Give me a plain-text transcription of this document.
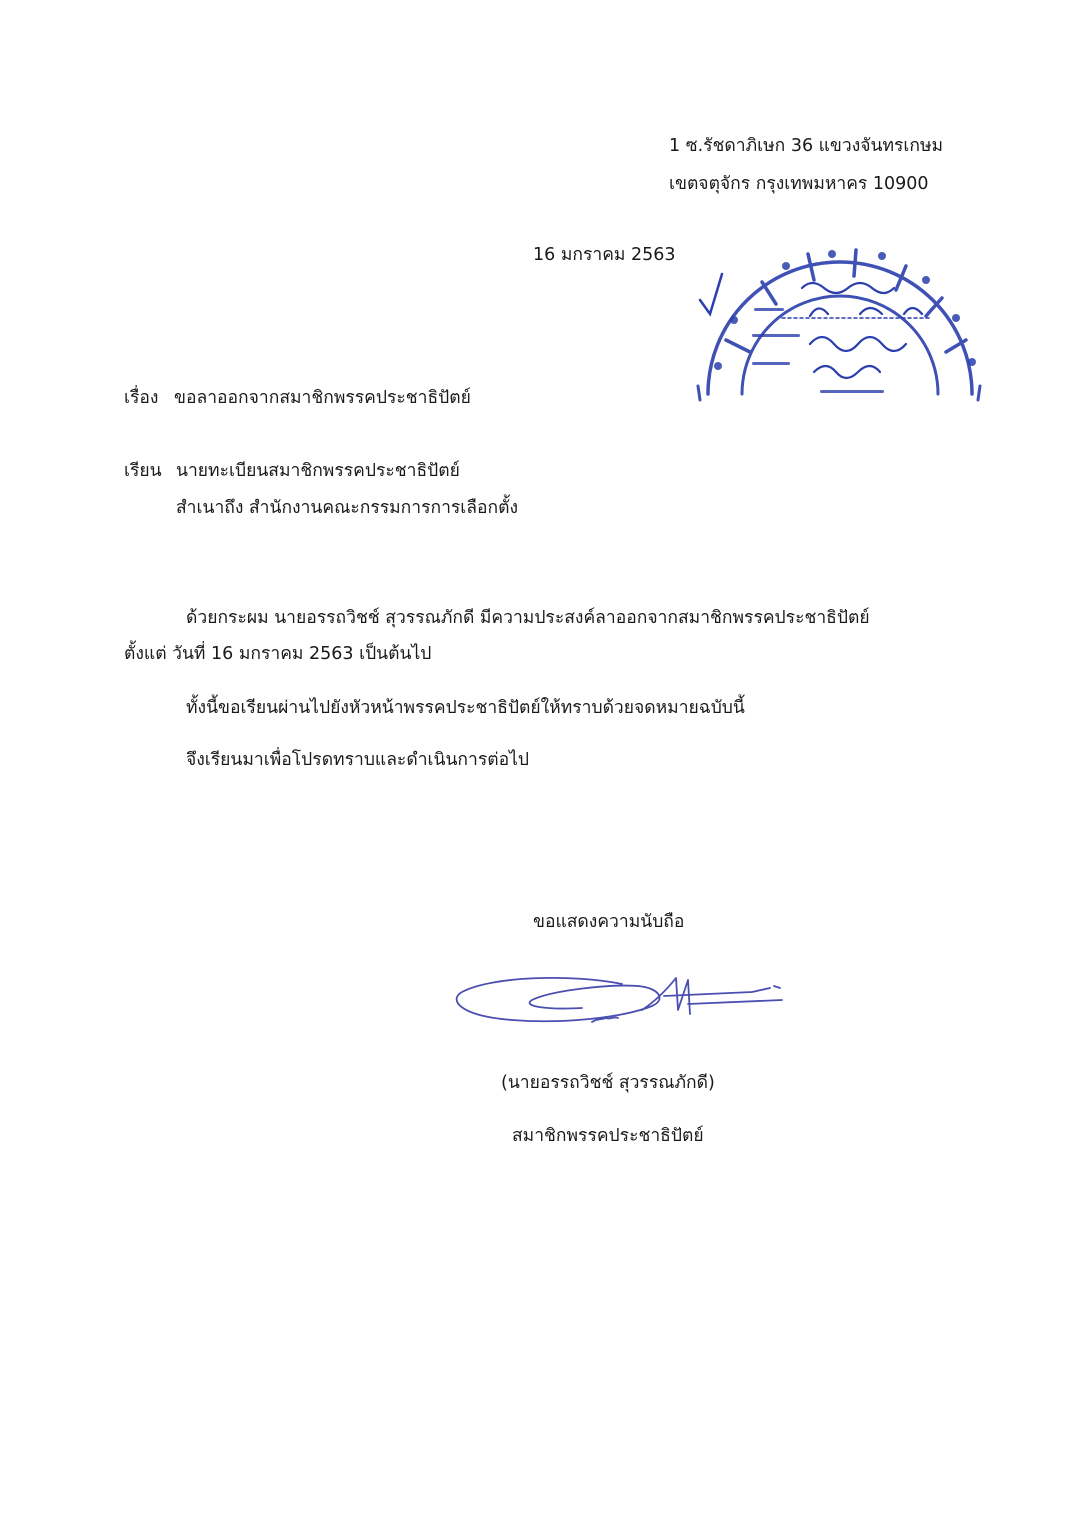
1 ซ.รัชดาภิเษก 36 แขวงจันทรเกษม
เขตจตุจักร กรุงเทพมหาคร 10900
16 มกราคม 2563
เรื่อง ขอลาออกจากสมาชิกพรรคประชาธิปัตย์
เรียน นายทะเบียนสมาชิกพรรคประชาธิปัตย์
สำเนาถึง สำนักงานคณะกรรมการการเลือกตั้ง
ด้วยกระผม นายอรรถวิชช์ สุวรรณภักดี มีความประสงค์ลาออกจากสมาชิกพรรคประชาธิปัตย์
ตั้งแต่ วันที่ 16 มกราคม 2563 เป็นต้นไป
ทั้งนี้ขอเรียนผ่านไปยังหัวหน้าพรรคประชาธิปัตย์ให้ทราบด้วยจดหมายฉบับนี้
จึงเรียนมาเพื่อโปรดทราบและดำเนินการต่อไป
ขอแสดงความนับถือ
(นายอรรถวิชช์ สุวรรณภักดี)
สมาชิกพรรคประชาธิปัตย์
